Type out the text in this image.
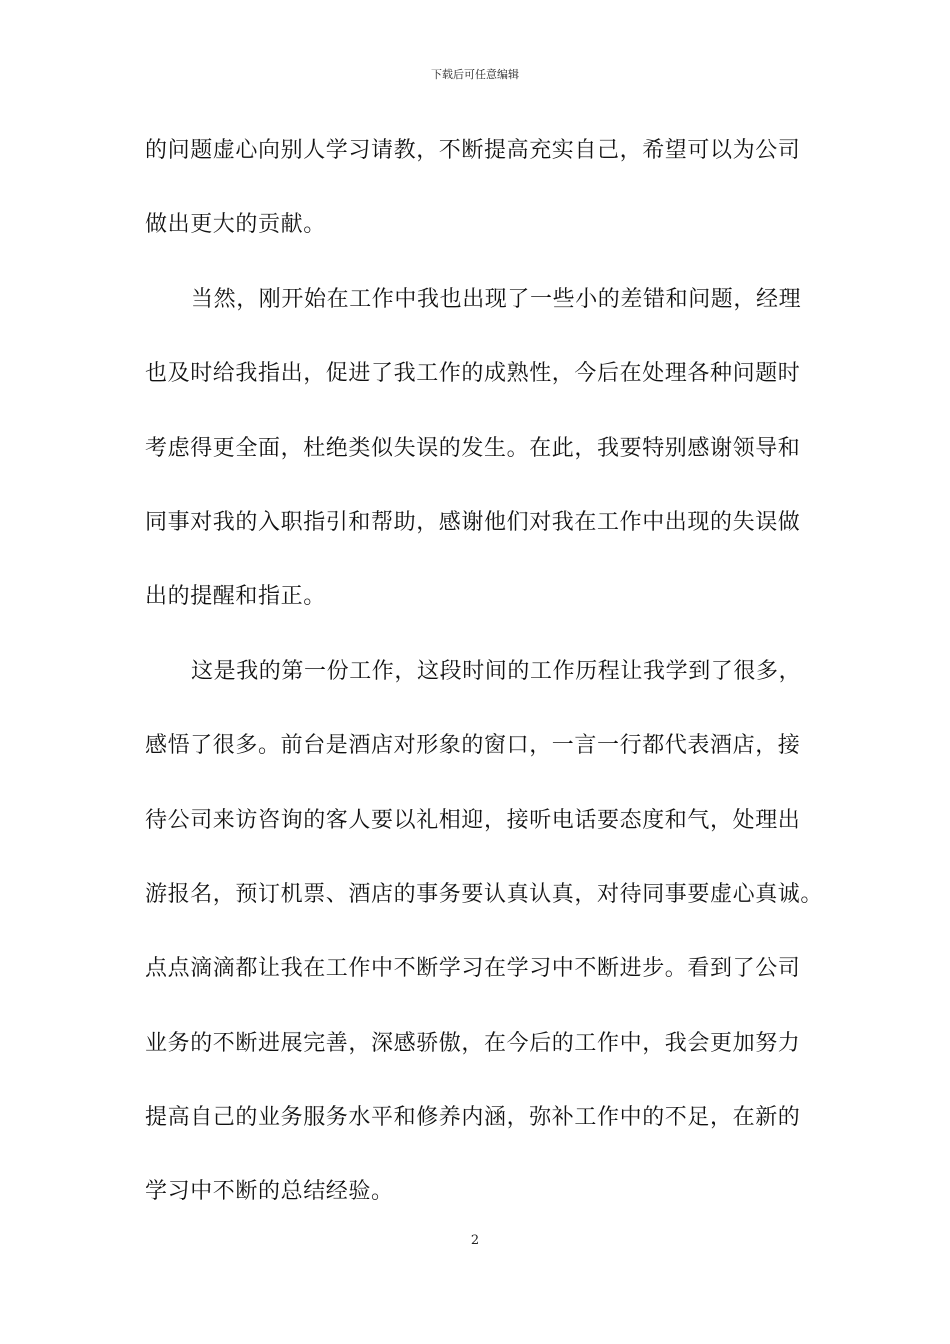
下载后可任意编辑
的问题虚心向别人学习请教，不断提高充实自己，希望可以为公司
做出更大的贡献。
当然，刚开始在工作中我也出现了一些小的差错和问题，经理
也及时给我指出，促进了我工作的成熟性，今后在处理各种问题时
考虑得更全面，杜绝类似失误的发生。在此，我要特别感谢领导和
同事对我的入职指引和帮助，感谢他们对我在工作中出现的失误做
出的提醒和指正。
这是我的第一份工作，这段时间的工作历程让我学到了很多，
感悟了很多。前台是酒店对形象的窗口，一言一行都代表酒店，接
待公司来访咨询的客人要以礼相迎，接听电话要态度和气，处理出
游报名，预订机票、酒店的事务要认真认真，对待同事要虚心真诚。
点点滴滴都让我在工作中不断学习在学习中不断进步。看到了公司
业务的不断进展完善，深感骄傲，在今后的工作中，我会更加努力
提高自己的业务服务水平和修养内涵，弥补工作中的不足，在新的
学习中不断的总结经验。
2
